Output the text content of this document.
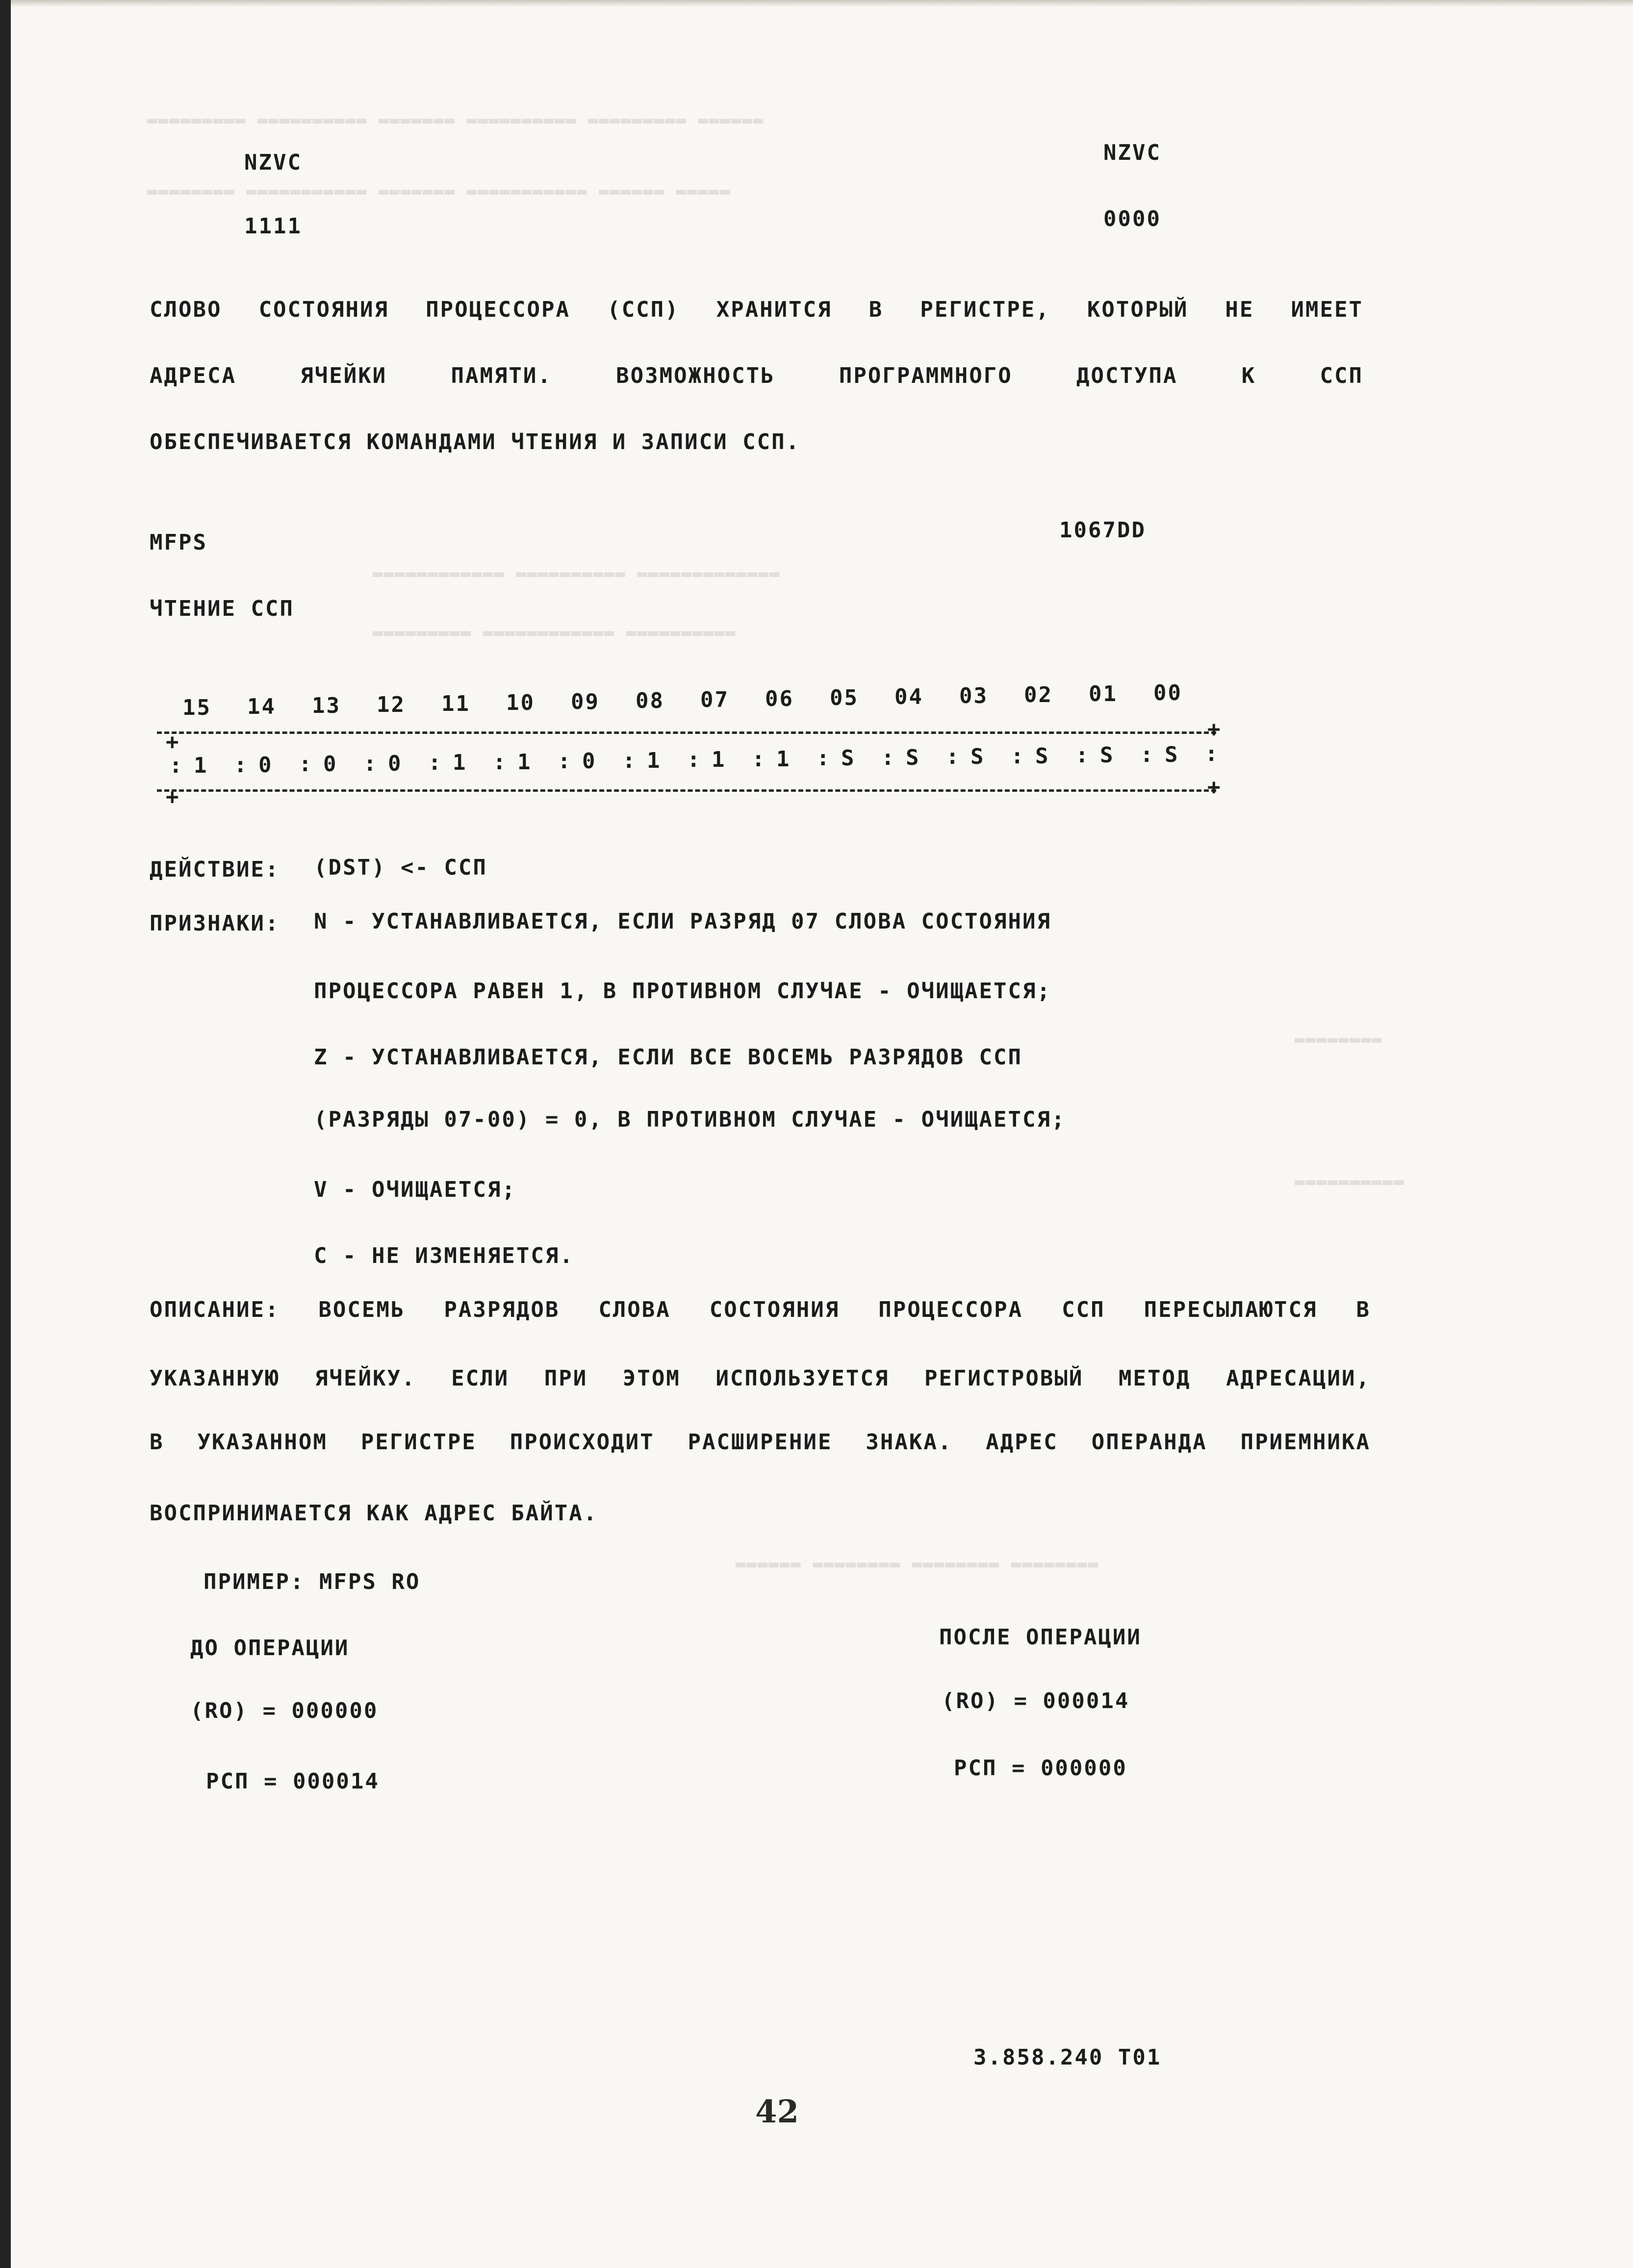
▬▬▬▬▬▬▬▬▬ ▬▬▬▬▬▬▬▬▬▬ ▬▬▬▬▬▬▬ ▬▬▬▬▬▬▬▬▬▬ ▬▬▬▬▬▬▬▬▬ ▬▬▬▬▬▬
▬▬▬▬▬▬▬▬ ▬▬▬▬▬▬▬▬▬▬▬ ▬▬▬▬▬▬▬ ▬▬▬▬▬▬▬▬▬▬▬ ▬▬▬▬▬▬ ▬▬▬▬▬
▬▬▬▬▬▬▬▬▬▬▬▬ ▬▬▬▬▬▬▬▬▬▬ ▬▬▬▬▬▬▬▬▬▬▬▬▬
▬▬▬▬▬▬▬▬▬ ▬▬▬▬▬▬▬▬▬▬▬▬ ▬▬▬▬▬▬▬▬▬▬
▬▬▬▬▬▬▬▬
▬▬▬▬▬▬▬▬▬▬
▬▬▬▬▬▬ ▬▬▬▬▬▬▬▬ ▬▬▬▬▬▬▬▬ ▬▬▬▬▬▬▬▬
NZVC
1111
NZVC
0000
СЛОВО СОСТОЯНИЯ ПРОЦЕССОРА (ССП) ХРАНИТСЯ В РЕГИСТРЕ, КОТОРЫЙ НЕ ИМЕЕТ
АДРЕСА ЯЧЕЙКИ ПАМЯТИ. ВОЗМОЖНОСТЬ ПРОГРАММНОГО ДОСТУПА К ССП
ОБЕСПЕЧИВАЕТСЯ КОМАНДАМИ ЧТЕНИЯ И ЗАПИСИ ССП.
MFPS	1067DD
ЧТЕНИЕ ССП
15 14 13 12 11 10 09 08 07 06 05 04 03 02 01 00
+
+
: : : : : : : : : : : : : : : : :
1 0 0 0 1 1 0 1 1 1 S S S S S S
+	+
ДЕЙСТВИЕ: (DST) <- ССП
ПРИЗНАКИ: N - УСТАНАВЛИВАЕТСЯ, ЕСЛИ РАЗРЯД 07 СЛОВА СОСТОЯНИЯ
ПРОЦЕССОРА РАВЕН 1, В ПРОТИВНОМ СЛУЧАЕ - ОЧИЩАЕТСЯ;
Z - УСТАНАВЛИВАЕТСЯ, ЕСЛИ ВСЕ ВОСЕМЬ РАЗРЯДОВ ССП
(РАЗРЯДЫ 07-00) = 0, В ПРОТИВНОМ СЛУЧАЕ - ОЧИЩАЕТСЯ;
V - ОЧИЩАЕТСЯ;
C - НЕ ИЗМЕНЯЕТСЯ.
ОПИСАНИЕ: ВОСЕМЬ РАЗРЯДОВ СЛОВА СОСТОЯНИЯ ПРОЦЕССОРА ССП ПЕРЕСЫЛАЮТСЯ В
УКАЗАННУЮ ЯЧЕЙКУ. ЕСЛИ ПРИ ЭТОМ ИСПОЛЬЗУЕТСЯ РЕГИСТРОВЫЙ МЕТОД АДРЕСАЦИИ,
В УКАЗАННОМ РЕГИСТРЕ ПРОИСХОДИТ РАСШИРЕНИЕ ЗНАКА. АДРЕС ОПЕРАНДА ПРИЕМНИКА
ВОСПРИНИМАЕТСЯ КАК АДРЕС БАЙТА.
ПРИМЕР: MFPS RO
ДО ОПЕРАЦИИ
(RO) = 000000
РСП = 000014
ПОСЛЕ ОПЕРАЦИИ
(RO) = 000014
РСП = 000000
3.858.240 Т01
42
